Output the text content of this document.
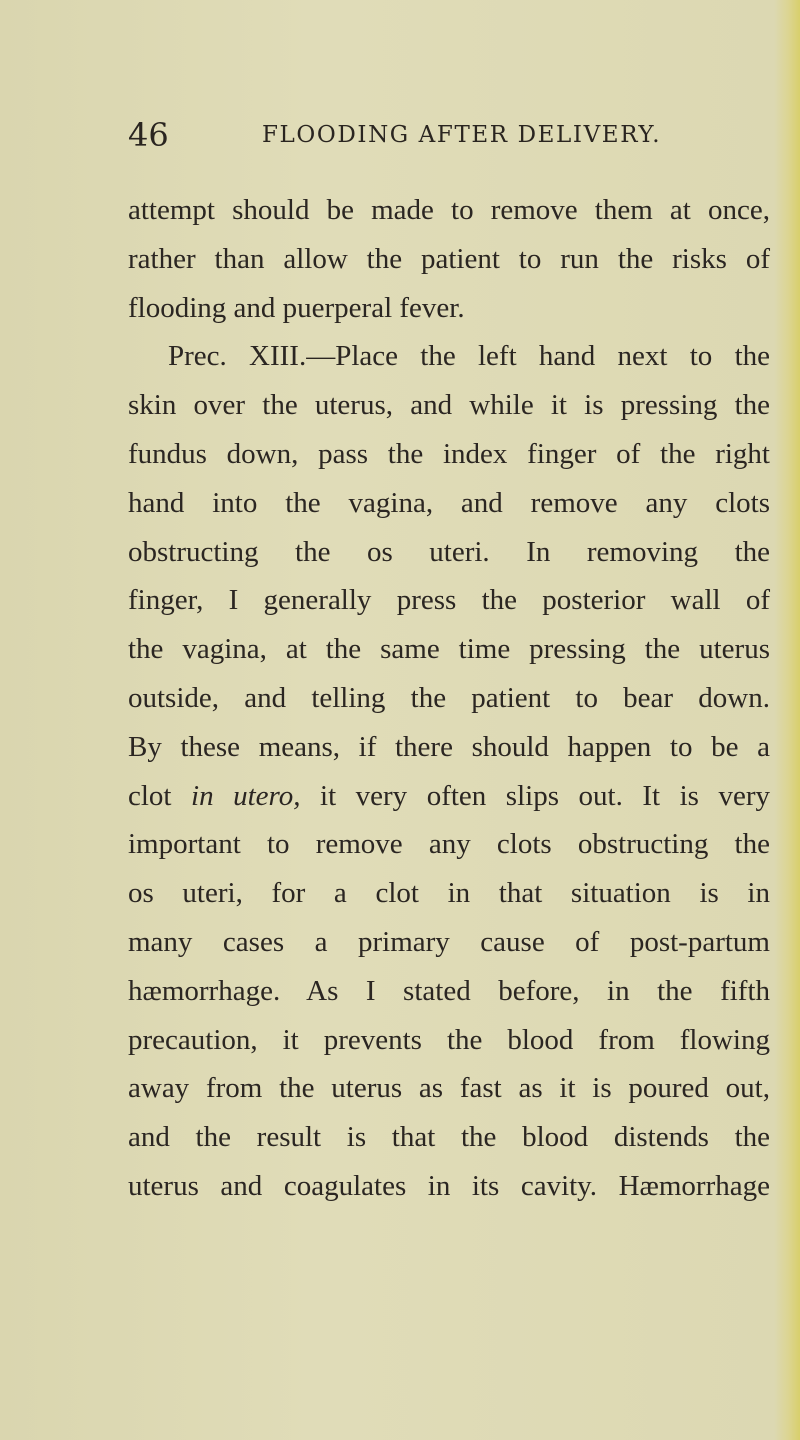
46	FLOODING AFTER DELIVERY.
attempt should be made to remove them at once,
rather than allow the patient to run the risks of
flooding and puerperal fever.
Prec. XIII.—Place the left hand next to the
skin over the uterus, and while it is pressing the
fundus down, pass the index finger of the right
hand into the vagina, and remove any clots
obstructing the os uteri. In removing the
finger, I generally press the posterior wall of
the vagina, at the same time pressing the uterus
outside, and telling the patient to bear down.
By these means, if there should happen to be a
clot in utero, it very often slips out. It is very
important to remove any clots obstructing the
os uteri, for a clot in that situation is in
many cases a primary cause of post-partum
hæmorrhage. As I stated before, in the fifth
precaution, it prevents the blood from flowing
away from the uterus as fast as it is poured out,
and the result is that the blood distends the
uterus and coagulates in its cavity. Hæmorrhage
